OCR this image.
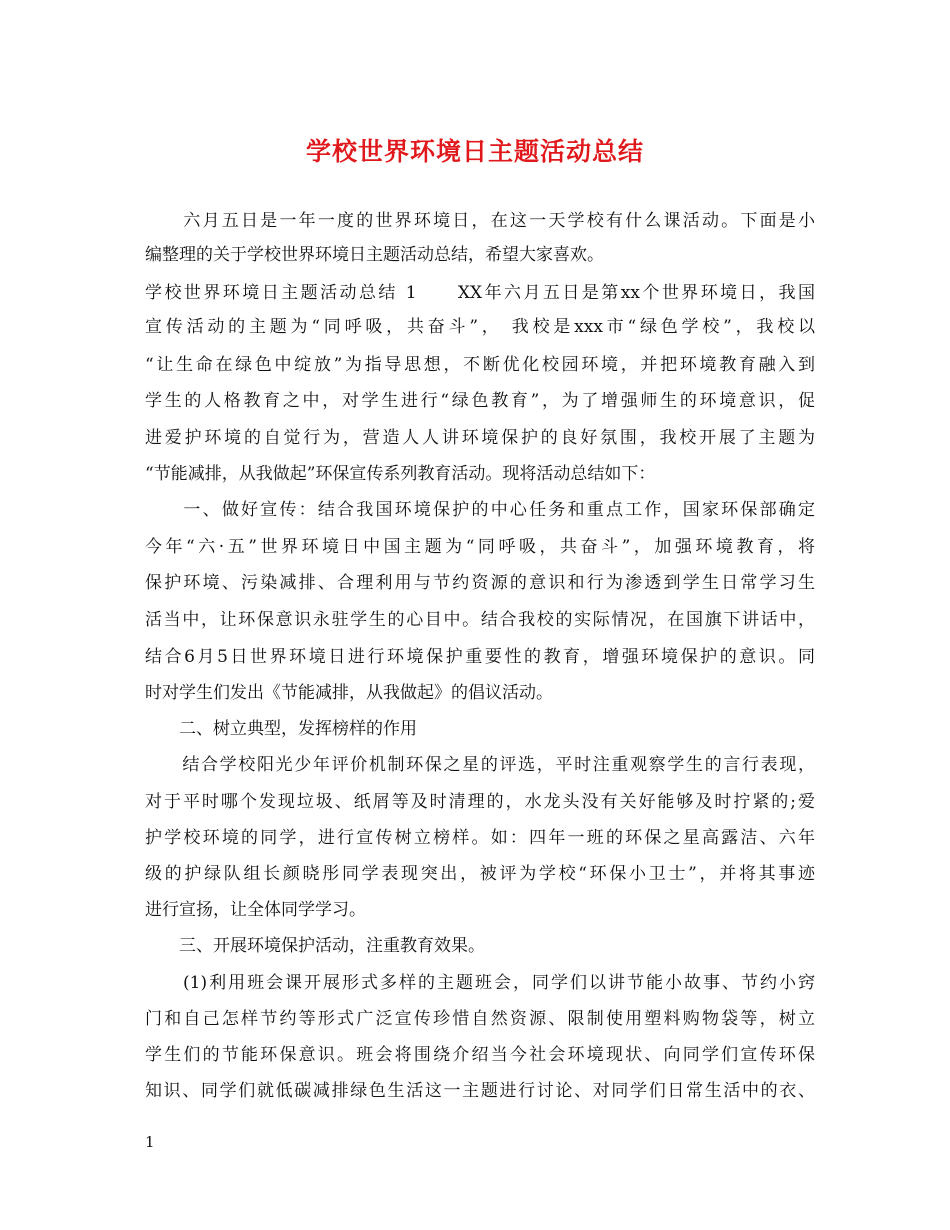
学校世界环境日主题活动总结
　　六月五日是一年一度的世界环境日，在这一天学校有什么课活动。下面是小
编整理的关于学校世界环境日主题活动总结，希望大家喜欢。
学校世界环境日主题活动总结 1　　XX年六月五日是第xx个世界环境日，我国
宣传活动的主题为“同呼吸，共奋斗”， 我校是xxx市“绿色学校”，我校以
“让生命在绿色中绽放”为指导思想，不断优化校园环境，并把环境教育融入到
学生的人格教育之中，对学生进行“绿色教育”，为了增强师生的环境意识，促
进爱护环境的自觉行为，营造人人讲环境保护的良好氛围，我校开展了主题为
“节能减排，从我做起”环保宣传系列教育活动。现将活动总结如下：
　　一、做好宣传：结合我国环境保护的中心任务和重点工作，国家环保部确定
今年“六·五”世界环境日中国主题为“同呼吸，共奋斗”，加强环境教育，将
保护环境、污染减排、合理利用与节约资源的意识和行为渗透到学生日常学习生
活当中，让环保意识永驻学生的心目中。结合我校的实际情况，在国旗下讲话中，
结合6月5日世界环境日进行环境保护重要性的教育，增强环境保护的意识。同
时对学生们发出《节能减排，从我做起》的倡议活动。
　　二、树立典型，发挥榜样的作用
　　结合学校阳光少年评价机制环保之星的评选，平时注重观察学生的言行表现，
对于平时哪个发现垃圾、纸屑等及时清理的，水龙头没有关好能够及时拧紧的;爱
护学校环境的同学，进行宣传树立榜样。如：四年一班的环保之星高露洁、六年
级的护绿队组长颜晓彤同学表现突出，被评为学校“环保小卫士”，并将其事迹
进行宣扬，让全体同学学习。
　　三、开展环境保护活动，注重教育效果。
　　(1)利用班会课开展形式多样的主题班会，同学们以讲节能小故事、节约小窍
门和自己怎样节约等形式广泛宣传珍惜自然资源、限制使用塑料购物袋等，树立
学生们的节能环保意识。班会将围绕介绍当今社会环境现状、向同学们宣传环保
知识、同学们就低碳减排绿色生活这一主题进行讨论、对同学们日常生活中的衣、
1
